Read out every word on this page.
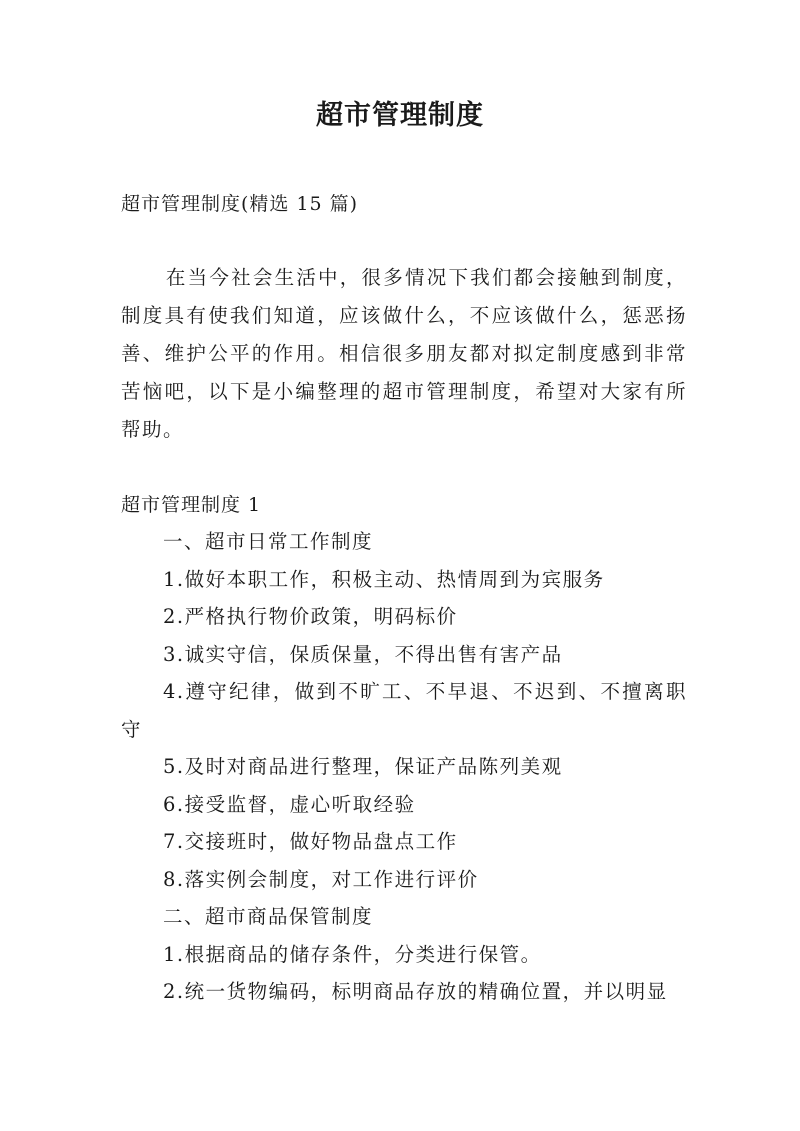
超市管理制度
超市管理制度(精选 15 篇)
在当今社会生活中，很多情况下我们都会接触到制度，制度具有使我们知道，应该做什么，不应该做什么，惩恶扬善、维护公平的作用。相信很多朋友都对拟定制度感到非常苦恼吧，以下是小编整理的超市管理制度，希望对大家有所帮助。
超市管理制度 1
一、超市日常工作制度
1.做好本职工作，积极主动、热情周到为宾服务
2.严格执行物价政策，明码标价
3.诚实守信，保质保量，不得出售有害产品
4.遵守纪律，做到不旷工、不早退、不迟到、不擅离职守
5.及时对商品进行整理，保证产品陈列美观
6.接受监督，虚心听取经验
7.交接班时，做好物品盘点工作
8.落实例会制度，对工作进行评价
二、超市商品保管制度
1.根据商品的储存条件，分类进行保管。
2.统一货物编码，标明商品存放的精确位置，并以明显
